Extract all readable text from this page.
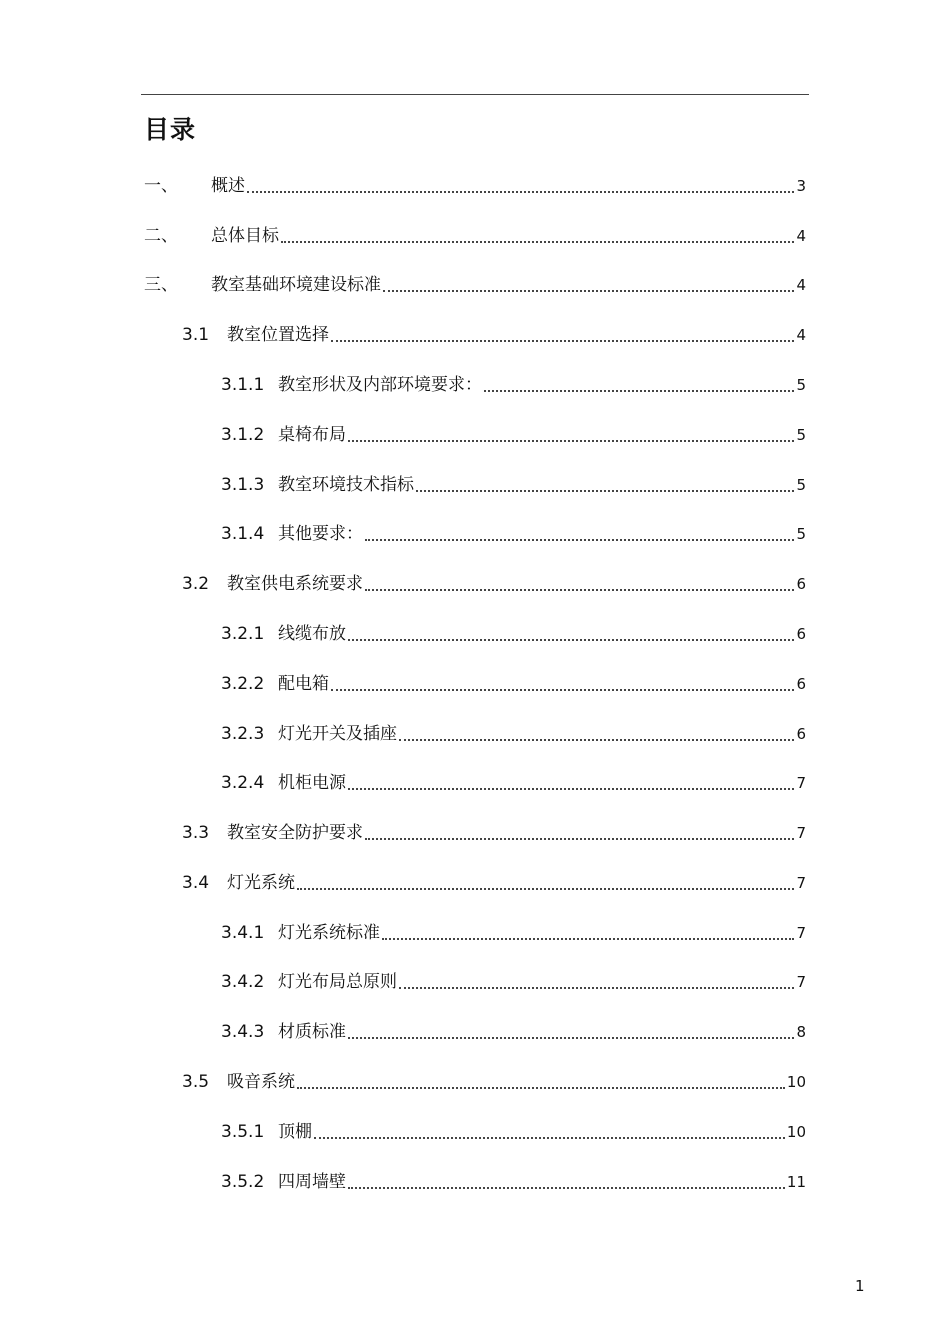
目录
一、	概述	3
二、	总体目标	4
三、	教室基础环境建设标准	4
3.1	教室位置选择	4
3.1.1 教室形状及内部环境要求：	5
3.1.2 桌椅布局	5
3.1.3 教室环境技术指标	5
3.1.4 其他要求：	5
3.2	教室供电系统要求	6
3.2.1 线缆布放	6
3.2.2 配电箱	6
3.2.3 灯光开关及插座	6
3.2.4 机柜电源	7
3.3	教室安全防护要求	7
3.4	灯光系统	7
3.4.1 灯光系统标准	7
3.4.2 灯光布局总原则	7
3.4.3 材质标准	8
3.5	吸音系统	10
3.5.1 顶棚	10
3.5.2 四周墙壁	11
1
